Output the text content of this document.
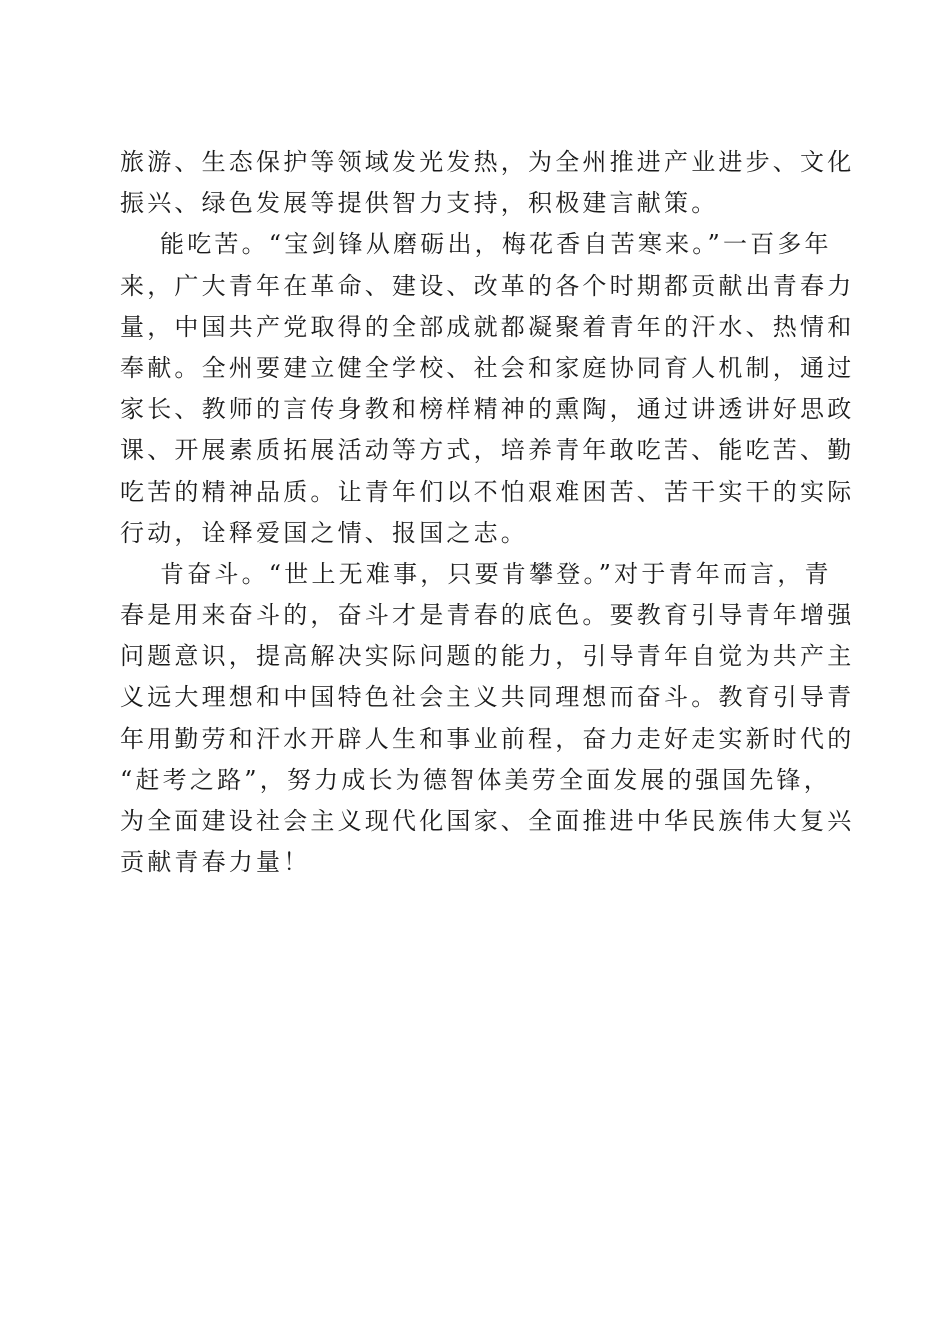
旅游、生态保护等领域发光发热，为全州推进产业进步、文化
振兴、绿色发展等提供智力支持，积极建言献策。
能吃苦。“宝剑锋从磨砺出，梅花香自苦寒来。”一百多年
来，广大青年在革命、建设、改革的各个时期都贡献出青春力
量，中国共产党取得的全部成就都凝聚着青年的汗水、热情和
奉献。全州要建立健全学校、社会和家庭协同育人机制，通过
家长、教师的言传身教和榜样精神的熏陶，通过讲透讲好思政
课、开展素质拓展活动等方式，培养青年敢吃苦、能吃苦、勤
吃苦的精神品质。让青年们以不怕艰难困苦、苦干实干的实际
行动，诠释爱国之情、报国之志。
肯奋斗。“世上无难事，只要肯攀登。”对于青年而言，青
春是用来奋斗的，奋斗才是青春的底色。要教育引导青年增强
问题意识，提高解决实际问题的能力，引导青年自觉为共产主
义远大理想和中国特色社会主义共同理想而奋斗。教育引导青
年用勤劳和汗水开辟人生和事业前程，奋力走好走实新时代的
“赶考之路”，努力成长为德智体美劳全面发展的强国先锋，
为全面建设社会主义现代化国家、全面推进中华民族伟大复兴
贡献青春力量！
